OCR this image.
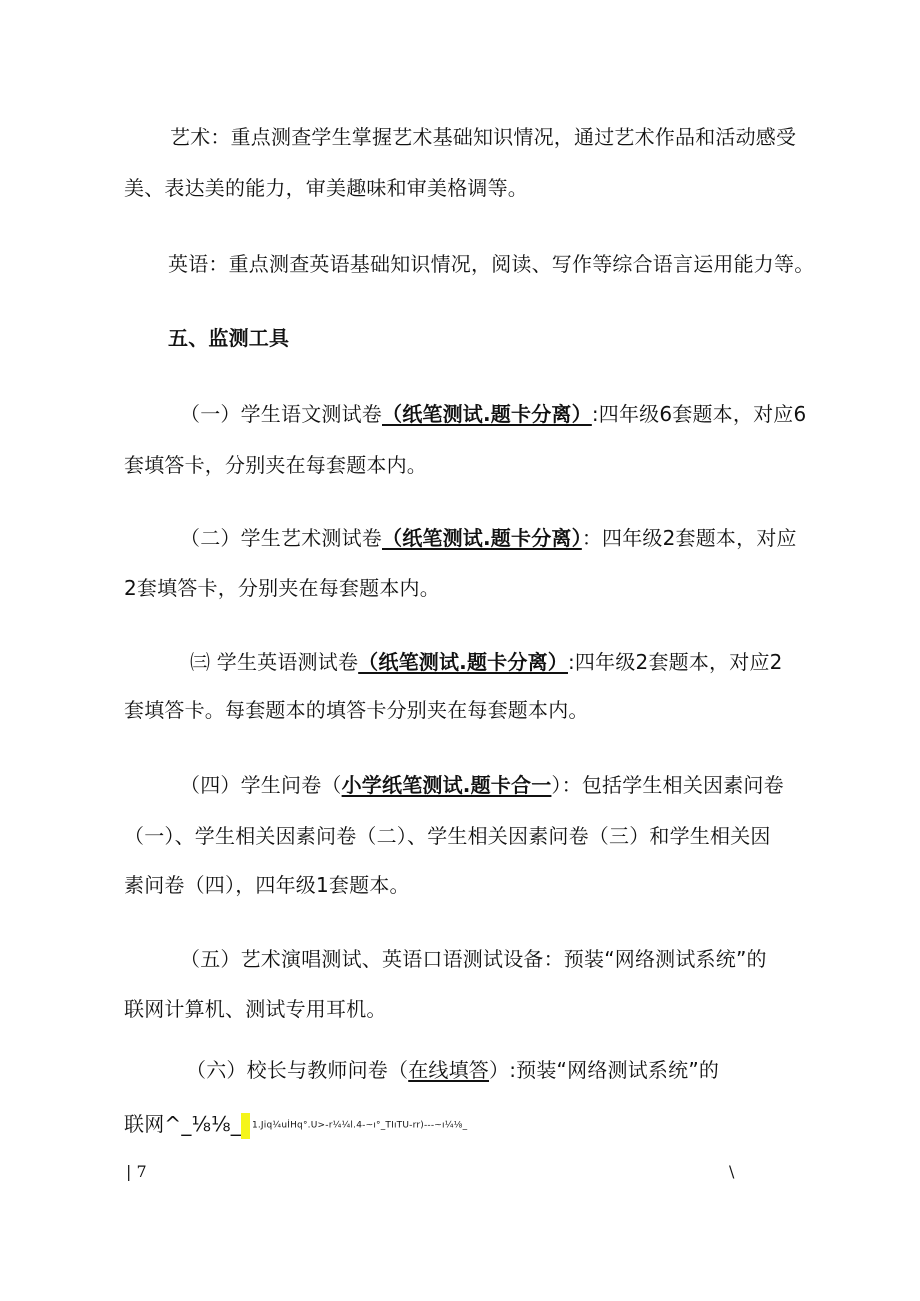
艺术：重点测查学生掌握艺术基础知识情况，通过艺术作品和活动感受
美、表达美的能力，审美趣味和审美格调等。
英语：重点测查英语基础知识情况，阅读、写作等综合语言运用能力等。
五、监测工具
（一）学生语文测试卷（纸笔测试.题卡分离）:四年级6套题本，对应6
套填答卡，分别夹在每套题本内。
（二）学生艺术测试卷（纸笔测试.题卡分离）：四年级2套题本，对应
2套填答卡，分别夹在每套题本内。
㈢ 学生英语测试卷（纸笔测试.题卡分离）:四年级2套题本，对应2
套填答卡。每套题本的填答卡分别夹在每套题本内。
（四）学生问卷（小学纸笔测试.题卡合一）：包括学生相关因素问卷
（一）、学生相关因素问卷（二）、学生相关因素问卷（三）和学生相关因
素问卷（四），四年级1套题本。
（五）艺术演唱测试、英语口语测试设备：预装“网络测试系统”的
联网计算机、测试专用耳机。
（六）校长与教师问卷（在线填答）:预装“网络测试系统”的
联网^_⅛⅛_ 1.Jiq¼uİHq°.U>-r¼¼l.4-~ı°_TIıTU-rr)---~ı¼⅛_
| 7	\
